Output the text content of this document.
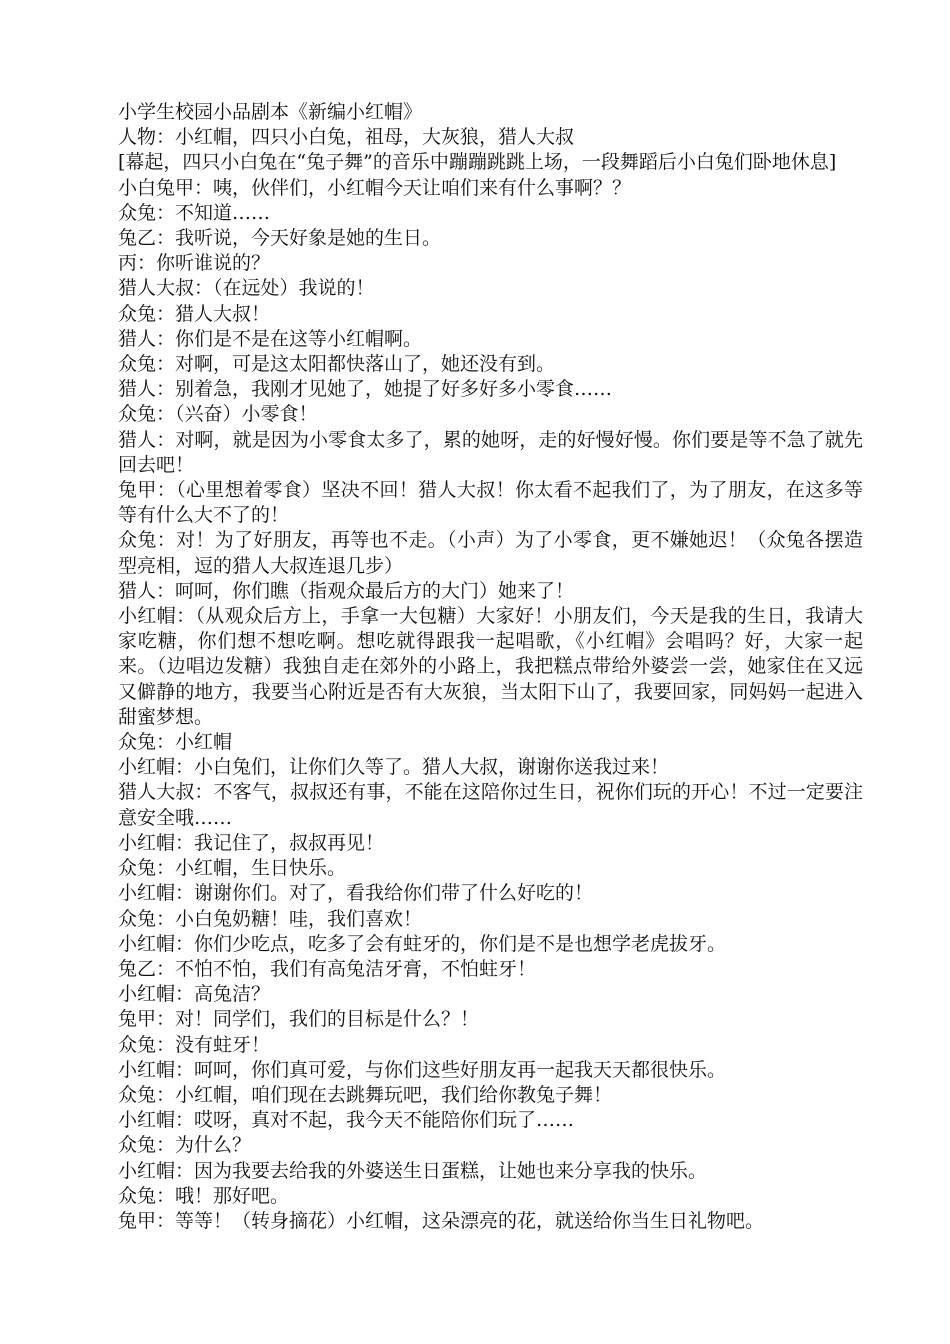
小学生校园小品剧本《新编小红帽》

人物：小红帽，四只小白兔，祖母，大灰狼，猎人大叔

[幕起，四只小白兔在“兔子舞”的音乐中蹦蹦跳跳上场，一段舞蹈后小白兔们卧地休息]

小白兔甲：咦，伙伴们，小红帽今天让咱们来有什么事啊？？

众兔：不知道……

兔乙：我听说，今天好象是她的生日。

丙：你听谁说的？

猎人大叔：（在远处）我说的！

众兔：猎人大叔！

猎人：你们是不是在这等小红帽啊。

众兔：对啊，可是这太阳都快落山了，她还没有到。

猎人：别着急，我刚才见她了，她提了好多好多小零食……

众兔：（兴奋）小零食！

猎人：对啊，就是因为小零食太多了，累的她呀，走的好慢好慢。你们要是等不急了就先回去吧！

兔甲：（心里想着零食）坚决不回！猎人大叔！你太看不起我们了，为了朋友，在这多等等有什么大不了的！

众兔：对！为了好朋友，再等也不走。（小声）为了小零食，更不嫌她迟！（众兔各摆造型亮相，逗的猎人大叔连退几步）

猎人：呵呵，你们瞧（指观众最后方的大门）她来了！

小红帽：（从观众后方上，手拿一大包糖）大家好！小朋友们，今天是我的生日，我请大家吃糖，你们想不想吃啊。想吃就得跟我一起唱歌，《小红帽》会唱吗？好，大家一起来。（边唱边发糖）我独自走在郊外的小路上，我把糕点带给外婆尝一尝，她家住在又远又僻静的地方，我要当心附近是否有大灰狼，当太阳下山了，我要回家，同妈妈一起进入甜蜜梦想。

众兔：小红帽

小红帽：小白兔们，让你们久等了。猎人大叔，谢谢你送我过来！

猎人大叔：不客气，叔叔还有事，不能在这陪你过生日，祝你们玩的开心！不过一定要注意安全哦……

小红帽：我记住了，叔叔再见！

众兔：小红帽，生日快乐。

小红帽：谢谢你们。对了，看我给你们带了什么好吃的！

众兔：小白兔奶糖！哇，我们喜欢！

小红帽：你们少吃点，吃多了会有蛀牙的，你们是不是也想学老虎拔牙。

兔乙：不怕不怕，我们有高兔洁牙膏，不怕蛀牙！

小红帽：高兔洁？

兔甲：对！同学们，我们的目标是什么？！

众兔：没有蛀牙！

小红帽：呵呵，你们真可爱，与你们这些好朋友再一起我天天都很快乐。

众兔：小红帽，咱们现在去跳舞玩吧，我们给你教兔子舞！

小红帽：哎呀，真对不起，我今天不能陪你们玩了……

众兔：为什么？

小红帽：因为我要去给我的外婆送生日蛋糕，让她也来分享我的快乐。

众兔：哦！那好吧。

兔甲：等等！（转身摘花）小红帽，这朵漂亮的花，就送给你当生日礼物吧。
